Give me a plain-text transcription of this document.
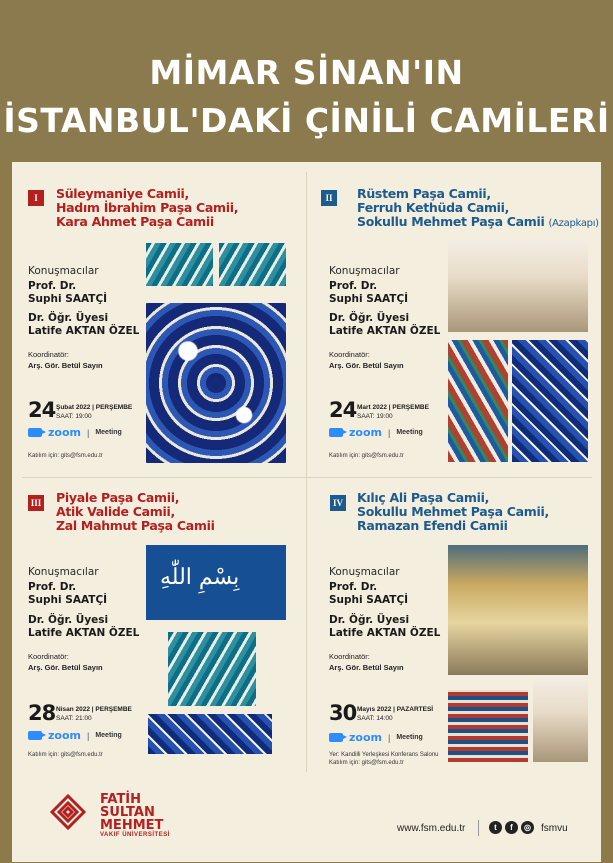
MİMAR SİNAN'IN
İSTANBUL'DAKİ ÇİNİLİ CAMİLERİ
I	Süleymaniye Camii,
Hadım İbrahim Paşa Camii,
Kara Ahmet Paşa Camii
Konuşmacılar
Prof. Dr.
Suphi SAATÇİ
Dr. Öğr. Üyesi
Latife AKTAN ÖZEL
Koordinatör:
Arş. Gör. Betül Sayın
24 Şubat 2022 | PERŞEMBE
SAAT: 19:00
zoom | Meeting
Katılım için: gits@fsm.edu.tr
II	Rüstem Paşa Camii,
Ferruh Kethüda Camii,
Sokullu Mehmet Paşa Camii (Azapkapı)
Konuşmacılar
Prof. Dr.
Suphi SAATÇİ
Dr. Öğr. Üyesi
Latife AKTAN ÖZEL
Koordinatör:
Arş. Gör. Betül Sayın
24 Mart 2022 | PERŞEMBE
SAAT: 19:00
zoom | Meeting
Katılım için: gits@fsm.edu.tr
III Piyale Paşa Camii,
Atik Valide Camii,
Zal Mahmut Paşa Camii
Konuşmacılar
Prof. Dr.
Suphi SAATÇİ
Dr. Öğr. Üyesi
Latife AKTAN ÖZEL
Koordinatör:
Arş. Gör. Betül Sayın
28 Nisan 2022 | PERŞEMBE
SAAT: 21:00
zoom | Meeting
Katılım için: gits@fsm.edu.tr
بِسْمِ اللّٰهِ
IV Kılıç Ali Paşa Camii,
Sokullu Mehmet Paşa Camii,
Ramazan Efendi Camii
Konuşmacılar
Prof. Dr.
Suphi SAATÇİ
Dr. Öğr. Üyesi
Latife AKTAN ÖZEL
Koordinatör:
Arş. Gör. Betül Sayın
30 Mayıs 2022 | PAZARTESİ
SAAT: 14:00
zoom | Meeting
Yer: Kandilli Yerleşkesi Konferans Salonu
Katılım için: gits@fsm.edu.tr
FATİH
SULTAN
MEHMET
VAKIF ÜNİVERSİTESİ
www.fsm.edu.tr	t	f	◎	fsmvu
